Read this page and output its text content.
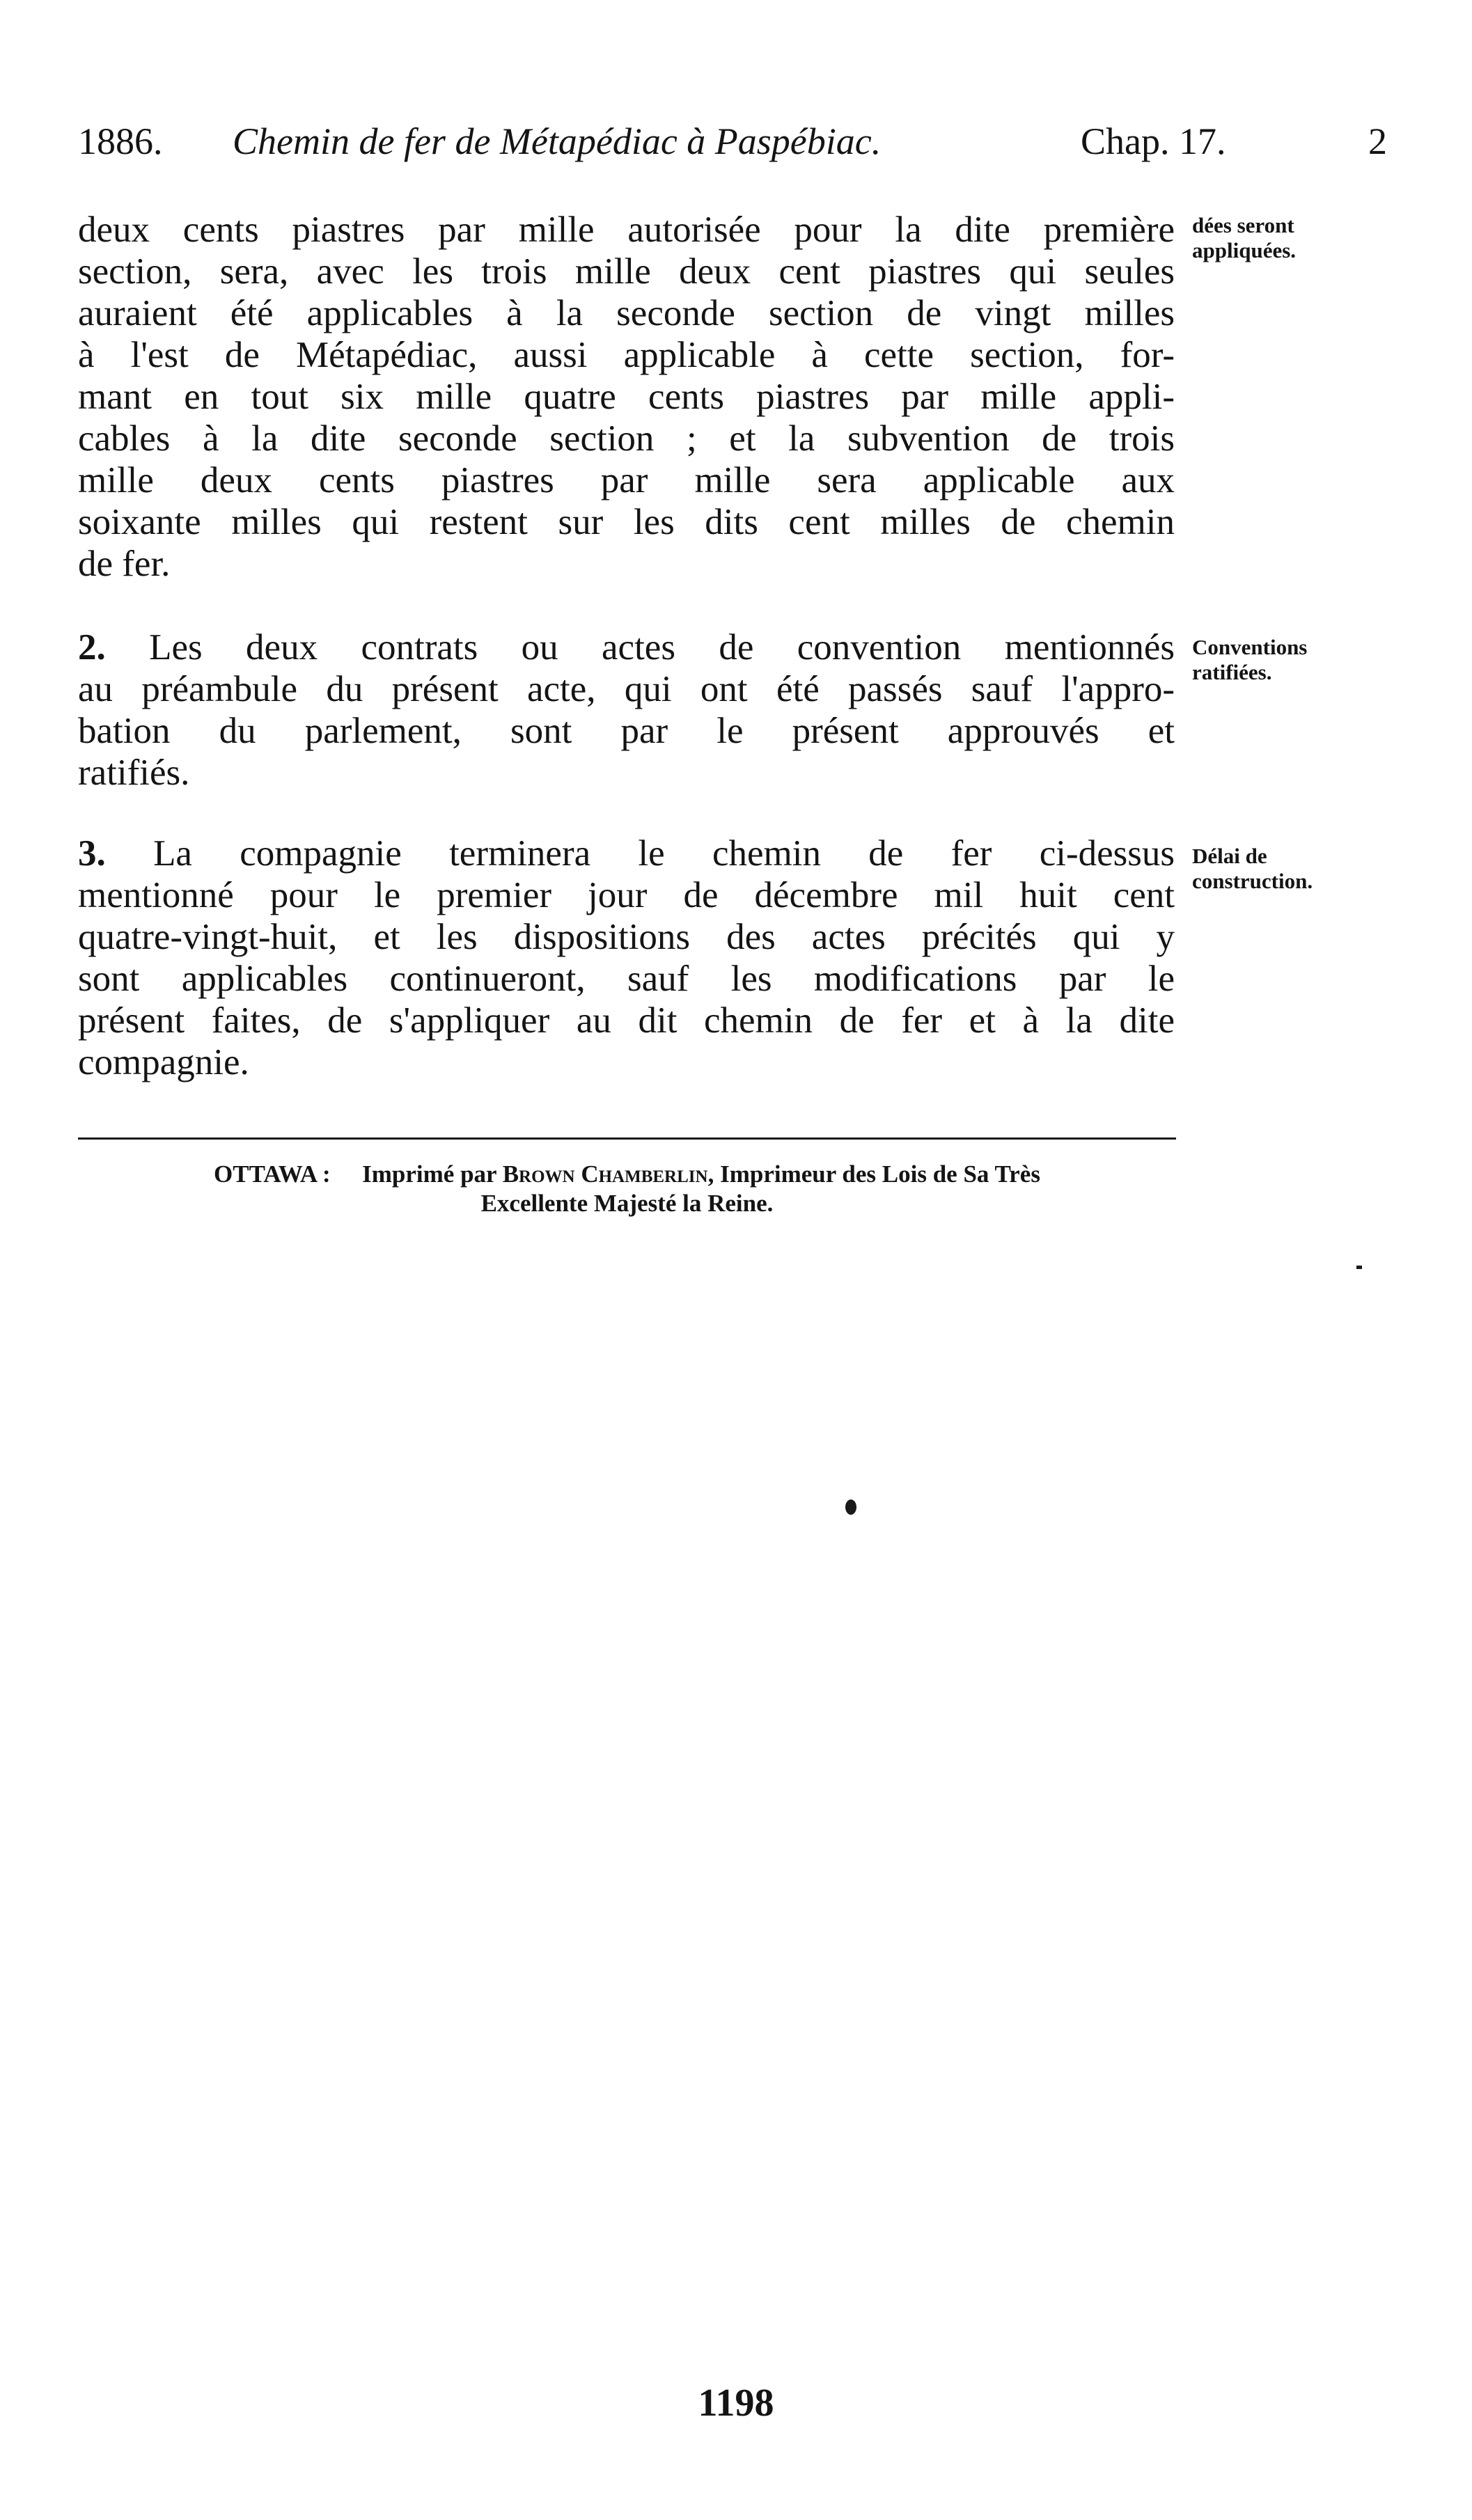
1886. Chemin de fer de Métapédiac à Paspébiac.	Chap. 17.	2
deux cents piastres par mille autorisée pour la dite première
section, sera, avec les trois mille deux cent piastres qui seules
auraient été applicables à la seconde section de vingt milles
à l'est de Métapédiac, aussi applicable à cette section, for-
mant en tout six mille quatre cents piastres par mille appli-
cables à la dite seconde section ; et la subvention de trois
mille deux cents piastres par mille sera applicable aux
soixante milles qui restent sur les dits cent milles de chemin
de fer.
dées seront
appliquées.
2. Les deux contrats ou actes de convention mentionnés
au préambule du présent acte, qui ont été passés sauf l'appro-
bation du parlement, sont par le présent approuvés et
ratifiés.
Conventions
ratifiées.
3. La compagnie terminera le chemin de fer ci-dessus
mentionné pour le premier jour de décembre mil huit cent
quatre-vingt-huit, et les dispositions des actes précités qui y
sont applicables continueront, sauf les modifications par le
présent faites, de s'appliquer au dit chemin de fer et à la dite
compagnie.
Délai de
construction.
OTTAWA : Imprimé par Brown Chamberlin, Imprimeur des Lois de Sa Très
Excellente Majesté la Reine.
1198
